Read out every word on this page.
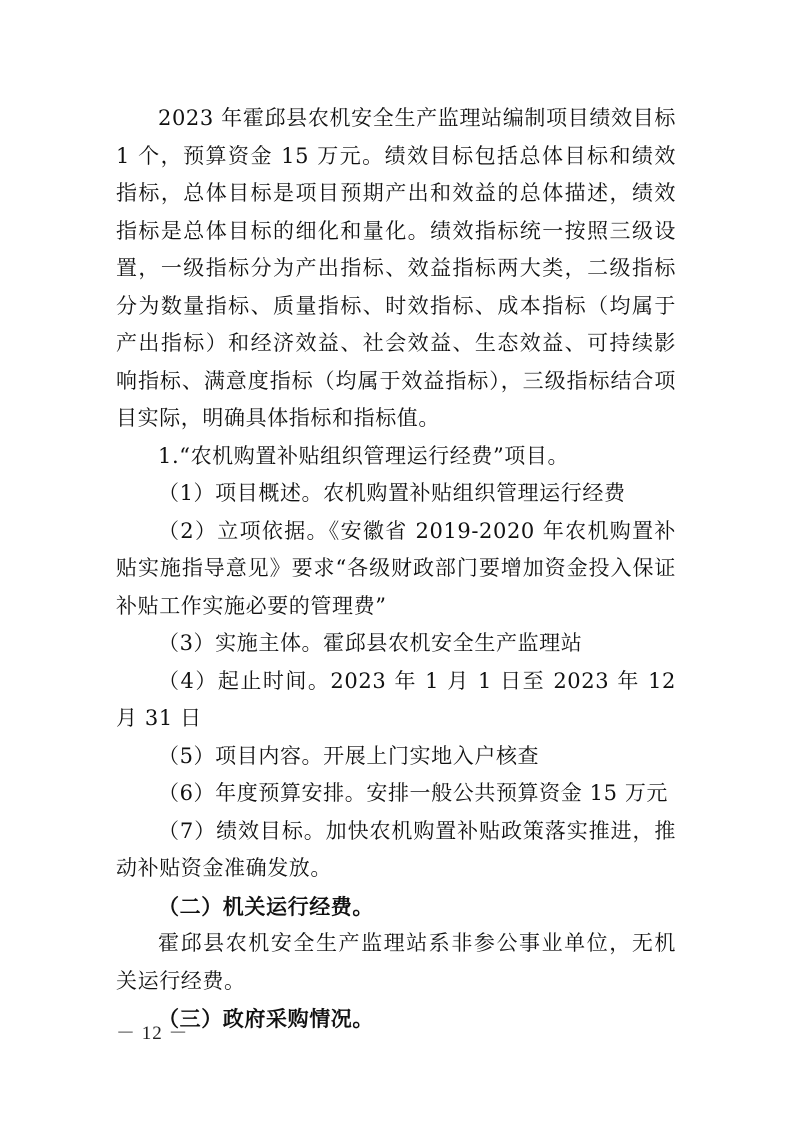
2023 年霍邱县农机安全生产监理站编制项目绩效目标 1 个，预算资金 15 万元。绩效目标包括总体目标和绩效指标，总体目标是项目预期产出和效益的总体描述，绩效指标是总体目标的细化和量化。绩效指标统一按照三级设置，一级指标分为产出指标、效益指标两大类，二级指标分为数量指标、质量指标、时效指标、成本指标（均属于产出指标）和经济效益、社会效益、生态效益、可持续影响指标、满意度指标（均属于效益指标），三级指标结合项目实际，明确具体指标和指标值。

1.“农机购置补贴组织管理运行经费”项目。

（1）项目概述。农机购置补贴组织管理运行经费

（2）立项依据。《安徽省 2019-2020 年农机购置补贴实施指导意见》要求“各级财政部门要增加资金投入保证补贴工作实施必要的管理费”

（3）实施主体。霍邱县农机安全生产监理站

（4）起止时间。2023 年 1 月 1 日至 2023 年 12 月 31 日

（5）项目内容。开展上门实地入户核查

（6）年度预算安排。安排一般公共预算资金 15 万元

（7）绩效目标。加快农机购置补贴政策落实推进，推动补贴资金准确发放。

（二）机关运行经费。

霍邱县农机安全生产监理站系非参公事业单位，无机关运行经费。

（三）政府采购情况。

－ 12 －
